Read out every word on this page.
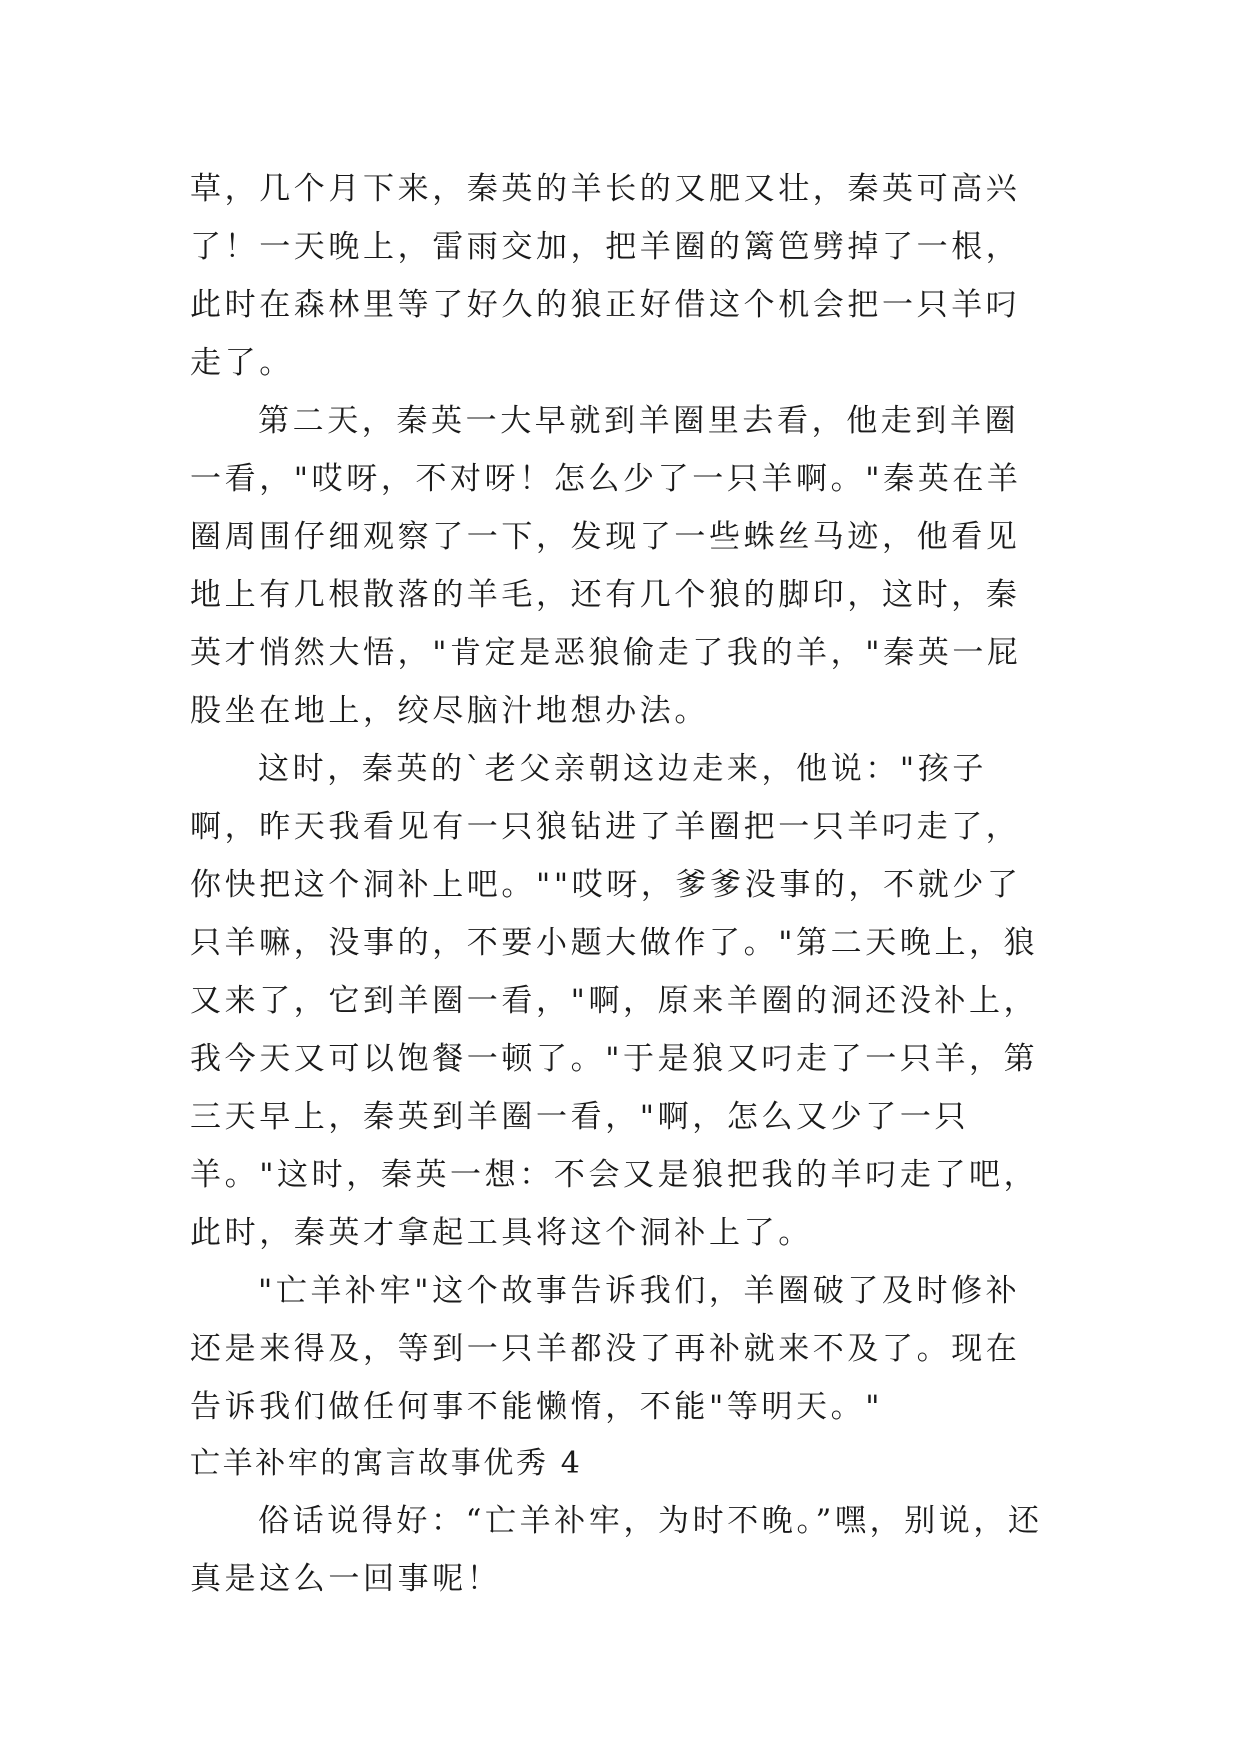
草，几个月下来，秦英的羊长的又肥又壮，秦英可高兴了！一天晚上，雷雨交加，把羊圈的篱笆劈掉了一根，此时在森林里等了好久的狼正好借这个机会把一只羊叼走了。

第二天，秦英一大早就到羊圈里去看，他走到羊圈一看，"哎呀，不对呀！怎么少了一只羊啊。"秦英在羊圈周围仔细观察了一下，发现了一些蛛丝马迹，他看见地上有几根散落的羊毛，还有几个狼的脚印，这时，秦英才悄然大悟，"肯定是恶狼偷走了我的羊，"秦英一屁股坐在地上，绞尽脑汁地想办法。

这时，秦英的`老父亲朝这边走来，他说："孩子啊，昨天我看见有一只狼钻进了羊圈把一只羊叼走了，你快把这个洞补上吧。""哎呀，爹爹没事的，不就少了只羊嘛，没事的，不要小题大做作了。"第二天晚上，狼又来了，它到羊圈一看，"啊，原来羊圈的洞还没补上，我今天又可以饱餐一顿了。"于是狼又叼走了一只羊，第三天早上，秦英到羊圈一看，"啊，怎么又少了一只羊。"这时，秦英一想：不会又是狼把我的羊叼走了吧，此时，秦英才拿起工具将这个洞补上了。

"亡羊补牢"这个故事告诉我们，羊圈破了及时修补还是来得及，等到一只羊都没了再补就来不及了。现在告诉我们做任何事不能懒惰，不能"等明天。"

亡羊补牢的寓言故事优秀 4

俗话说得好：“亡羊补牢，为时不晚。”嘿，别说，还真是这么一回事呢！
